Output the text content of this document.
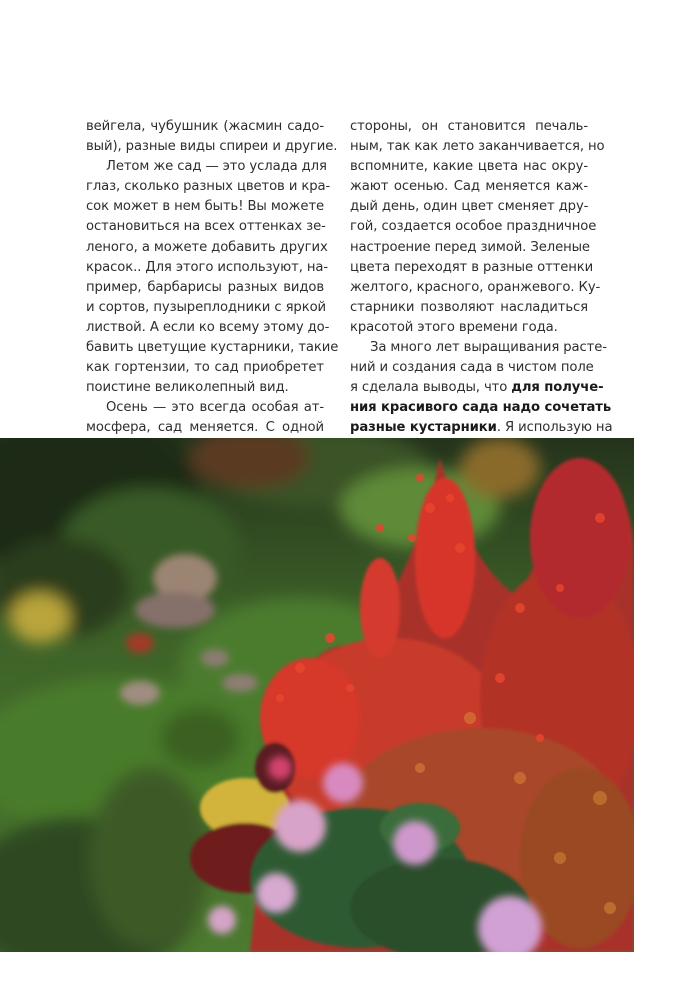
вейгела, чубушник (жасмин садо-
вый), разные виды спиреи и другие.
Летом же сад — это услада для
глаз, сколько разных цветов и кра-
сок может в нем быть! Вы можете
остановиться на всех оттенках зе-
леного, а можете добавить других
красок.. Для этого используют, на-
пример, барбарисы разных видов
и сортов, пузыреплодники с яркой
листвой. А если ко всему этому до-
бавить цветущие кустарники, такие
как гортензии, то сад приобретет
поистине великолепный вид.
Осень — это всегда особая ат-
мосфера, сад меняется. С одной
стороны, он становится печаль-
ным, так как лето заканчивается, но
вспомните, какие цвета нас окру-
жают осенью. Сад меняется каж-
дый день, один цвет сменяет дру-
гой, создается особое праздничное
настроение перед зимой. Зеленые
цвета переходят в разные оттенки
желтого, красного, оранжевого. Ку-
старники позволяют насладиться
красотой этого времени года.
За много лет выращивания расте-
ний и создания сада в чистом поле
я сделала выводы, что для получе-
ния красивого сада надо сочетать
разные кустарники. Я использую на
